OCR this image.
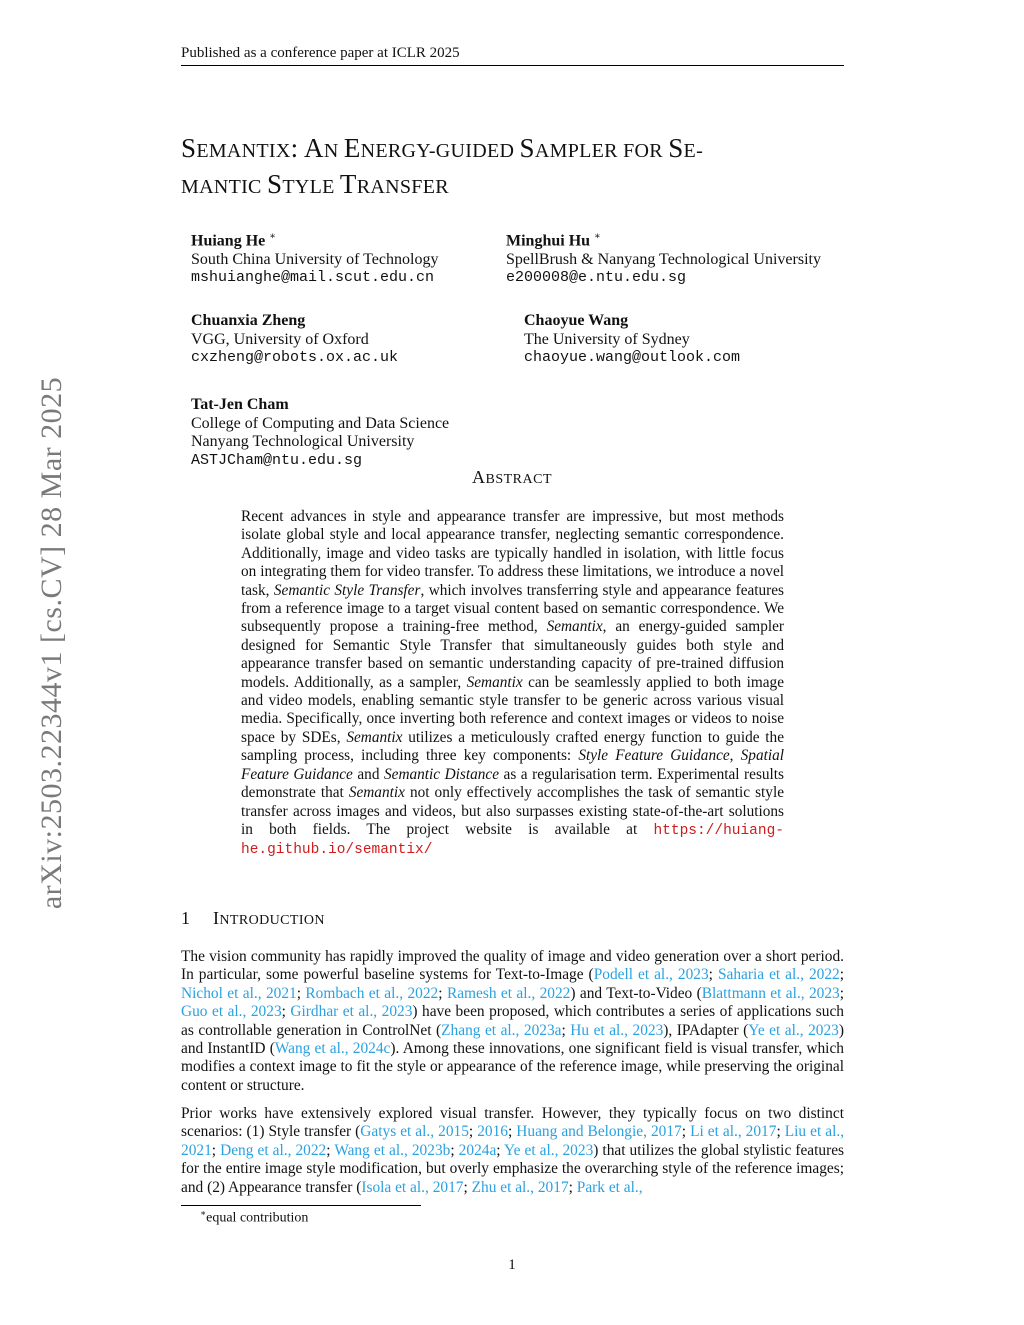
Published as a conference paper at ICLR 2025
arXiv:2503.22344v1 [cs.CV] 28 Mar 2025
SEMANTIX: AN ENERGY-GUIDED SAMPLER FOR SE-
MANTIC STYLE TRANSFER
Huiang He ∗
South China University of Technology
mshuianghe@mail.scut.edu.cn
Minghui Hu ∗
SpellBrush & Nanyang Technological University
e200008@e.ntu.edu.sg
Chuanxia Zheng
VGG, University of Oxford
cxzheng@robots.ox.ac.uk
Chaoyue Wang
The University of Sydney
chaoyue.wang@outlook.com
Tat-Jen Cham
College of Computing and Data Science
Nanyang Technological University
ASTJCham@ntu.edu.sg
ABSTRACT
Recent advances in style and appearance transfer are impressive, but most methods isolate global style and local appearance transfer, neglecting semantic correspondence. Additionally, image and video tasks are typically handled in isolation, with little focus on integrating them for video transfer. To address these limitations, we introduce a novel task, Semantic Style Transfer, which involves transferring style and appearance features from a reference image to a target visual content based on semantic correspondence. We subsequently propose a training-free method, Semantix, an energy-guided sampler designed for Semantic Style Transfer that simultaneously guides both style and appearance transfer based on semantic understanding capacity of pre-trained diffusion models. Additionally, as a sampler, Semantix can be seamlessly applied to both image and video models, enabling semantic style transfer to be generic across various visual media. Specifically, once inverting both reference and context images or videos to noise space by SDEs, Semantix utilizes a meticulously crafted energy function to guide the sampling process, including three key components: Style Feature Guidance, Spatial Feature Guidance and Semantic Distance as a regularisation term. Experimental results demonstrate that Semantix not only effectively accomplishes the task of semantic style transfer across images and videos, but also surpasses existing state-of-the-art solutions in both fields. The project website is available at https://huiang-he.github.io/semantix/
1 INTRODUCTION
The vision community has rapidly improved the quality of image and video generation over a short period. In particular, some powerful baseline systems for Text-to-Image (Podell et al., 2023; Saharia et al., 2022; Nichol et al., 2021; Rombach et al., 2022; Ramesh et al., 2022) and Text-to-Video (Blattmann et al., 2023; Guo et al., 2023; Girdhar et al., 2023) have been proposed, which contributes a series of applications such as controllable generation in ControlNet (Zhang et al., 2023a; Hu et al., 2023), IPAdapter (Ye et al., 2023) and InstantID (Wang et al., 2024c). Among these innovations, one significant field is visual transfer, which modifies a context image to fit the style or appearance of the reference image, while preserving the original content or structure.
Prior works have extensively explored visual transfer. However, they typically focus on two distinct scenarios: (1) Style transfer (Gatys et al., 2015; 2016; Huang and Belongie, 2017; Li et al., 2017; Liu et al., 2021; Deng et al., 2022; Wang et al., 2023b; 2024a; Ye et al., 2023) that utilizes the global stylistic features for the entire image style modification, but overly emphasize the overarching style of the reference images; and (2) Appearance transfer (Isola et al., 2017; Zhu et al., 2017; Park et al.,
∗equal contribution
1
